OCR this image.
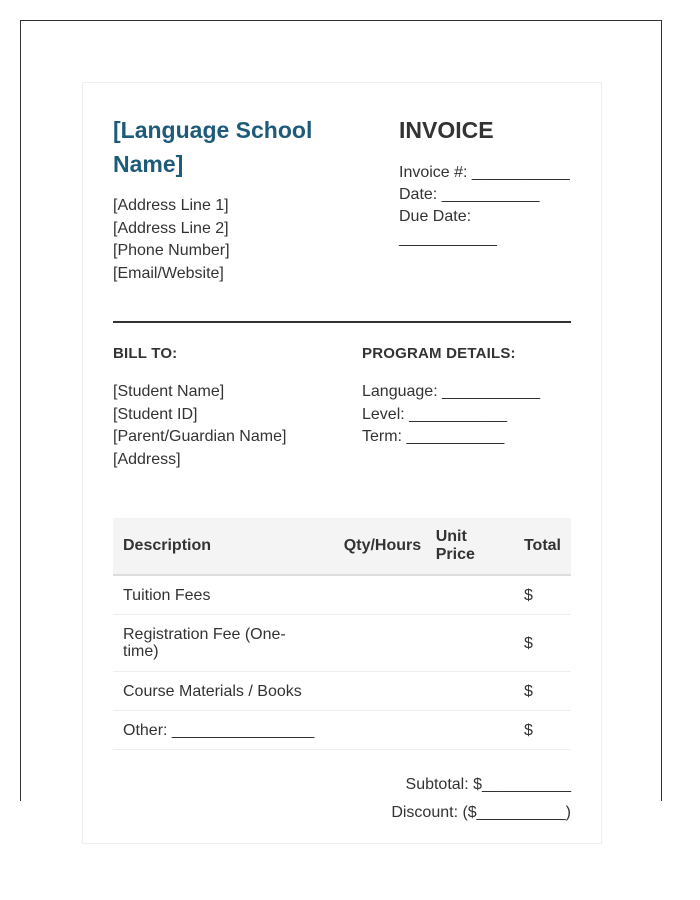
[Language School Name]
[Address Line 1]
[Address Line 2]
[Phone Number]
[Email/Website]
INVOICE
Invoice #: ___________
Date: ___________
Due Date: ___________
BILL TO:	PROGRAM DETAILS:
[Student Name]
[Student ID]
[Parent/Guardian Name]
[Address]
Language: ___________
Level: ___________
Term: ___________
Description	Qty/Hours	Unit Price	Total
Tuition Fees			$
Registration Fee (One-time)			$
Course Materials / Books			$
Other: ________________			$
Subtotal: $__________
Discount: ($__________)
